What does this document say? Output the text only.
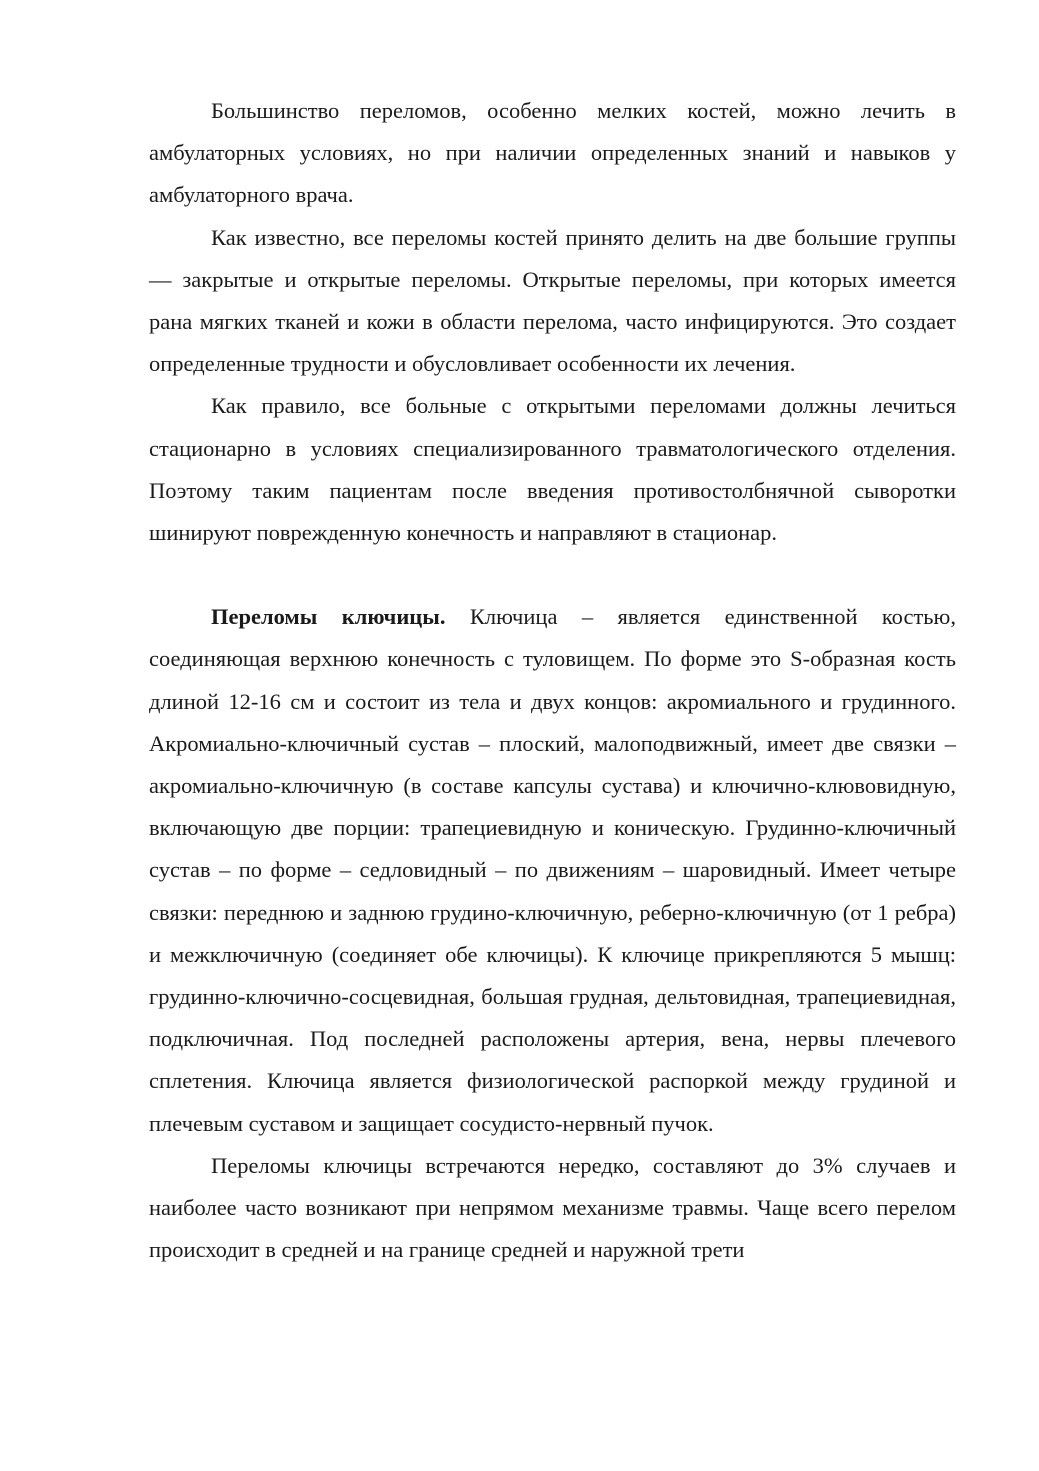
Большинство переломов, особенно мелких костей, можно лечить в амбулаторных условиях, но при наличии определенных знаний и навыков у амбулаторного врача.

Как известно, все переломы костей принято делить на две большие группы — закрытые и открытые переломы. Открытые переломы, при которых имеется рана мягких тканей и кожи в области перелома, часто инфицируются. Это создает определенные трудности и обусловливает особенности их лечения.

Как правило, все больные с открытыми переломами должны лечиться стационарно в условиях специализированного травматологического отделения. Поэтому таким пациентам после введения противостолбнячной сыворотки шинируют поврежденную конечность и направляют в стационар.

Переломы ключицы. Ключица – является единственной костью, соединяющая верхнюю конечность с туловищем. По форме это S-образная кость длиной 12-16 см и состоит из тела и двух концов: акромиального и грудинного. Акромиально-ключичный сустав – плоский, малоподвижный, имеет две связки – акромиально-ключичную (в составе капсулы сустава) и ключично-клювовидную, включающую две порции: трапециевидную и коническую. Грудинно-ключичный сустав – по форме – седловидный – по движениям – шаровидный. Имеет четыре связки: переднюю и заднюю грудино-ключичную, реберно-ключичную (от 1 ребра) и межключичную (соединяет обе ключицы). К ключице прикрепляются 5 мышц: грудинно-ключично-сосцевидная, большая грудная, дельтовидная, трапециевидная, подключичная. Под последней расположены артерия, вена, нервы плечевого сплетения. Ключица является физиологической распоркой между грудиной и плечевым суставом и защищает сосудисто-нервный пучок.

Переломы ключицы встречаются нередко, составляют до 3% случаев и наиболее часто возникают при непрямом механизме травмы. Чаще всего перелом происходит в средней и на границе средней и наружной трети
